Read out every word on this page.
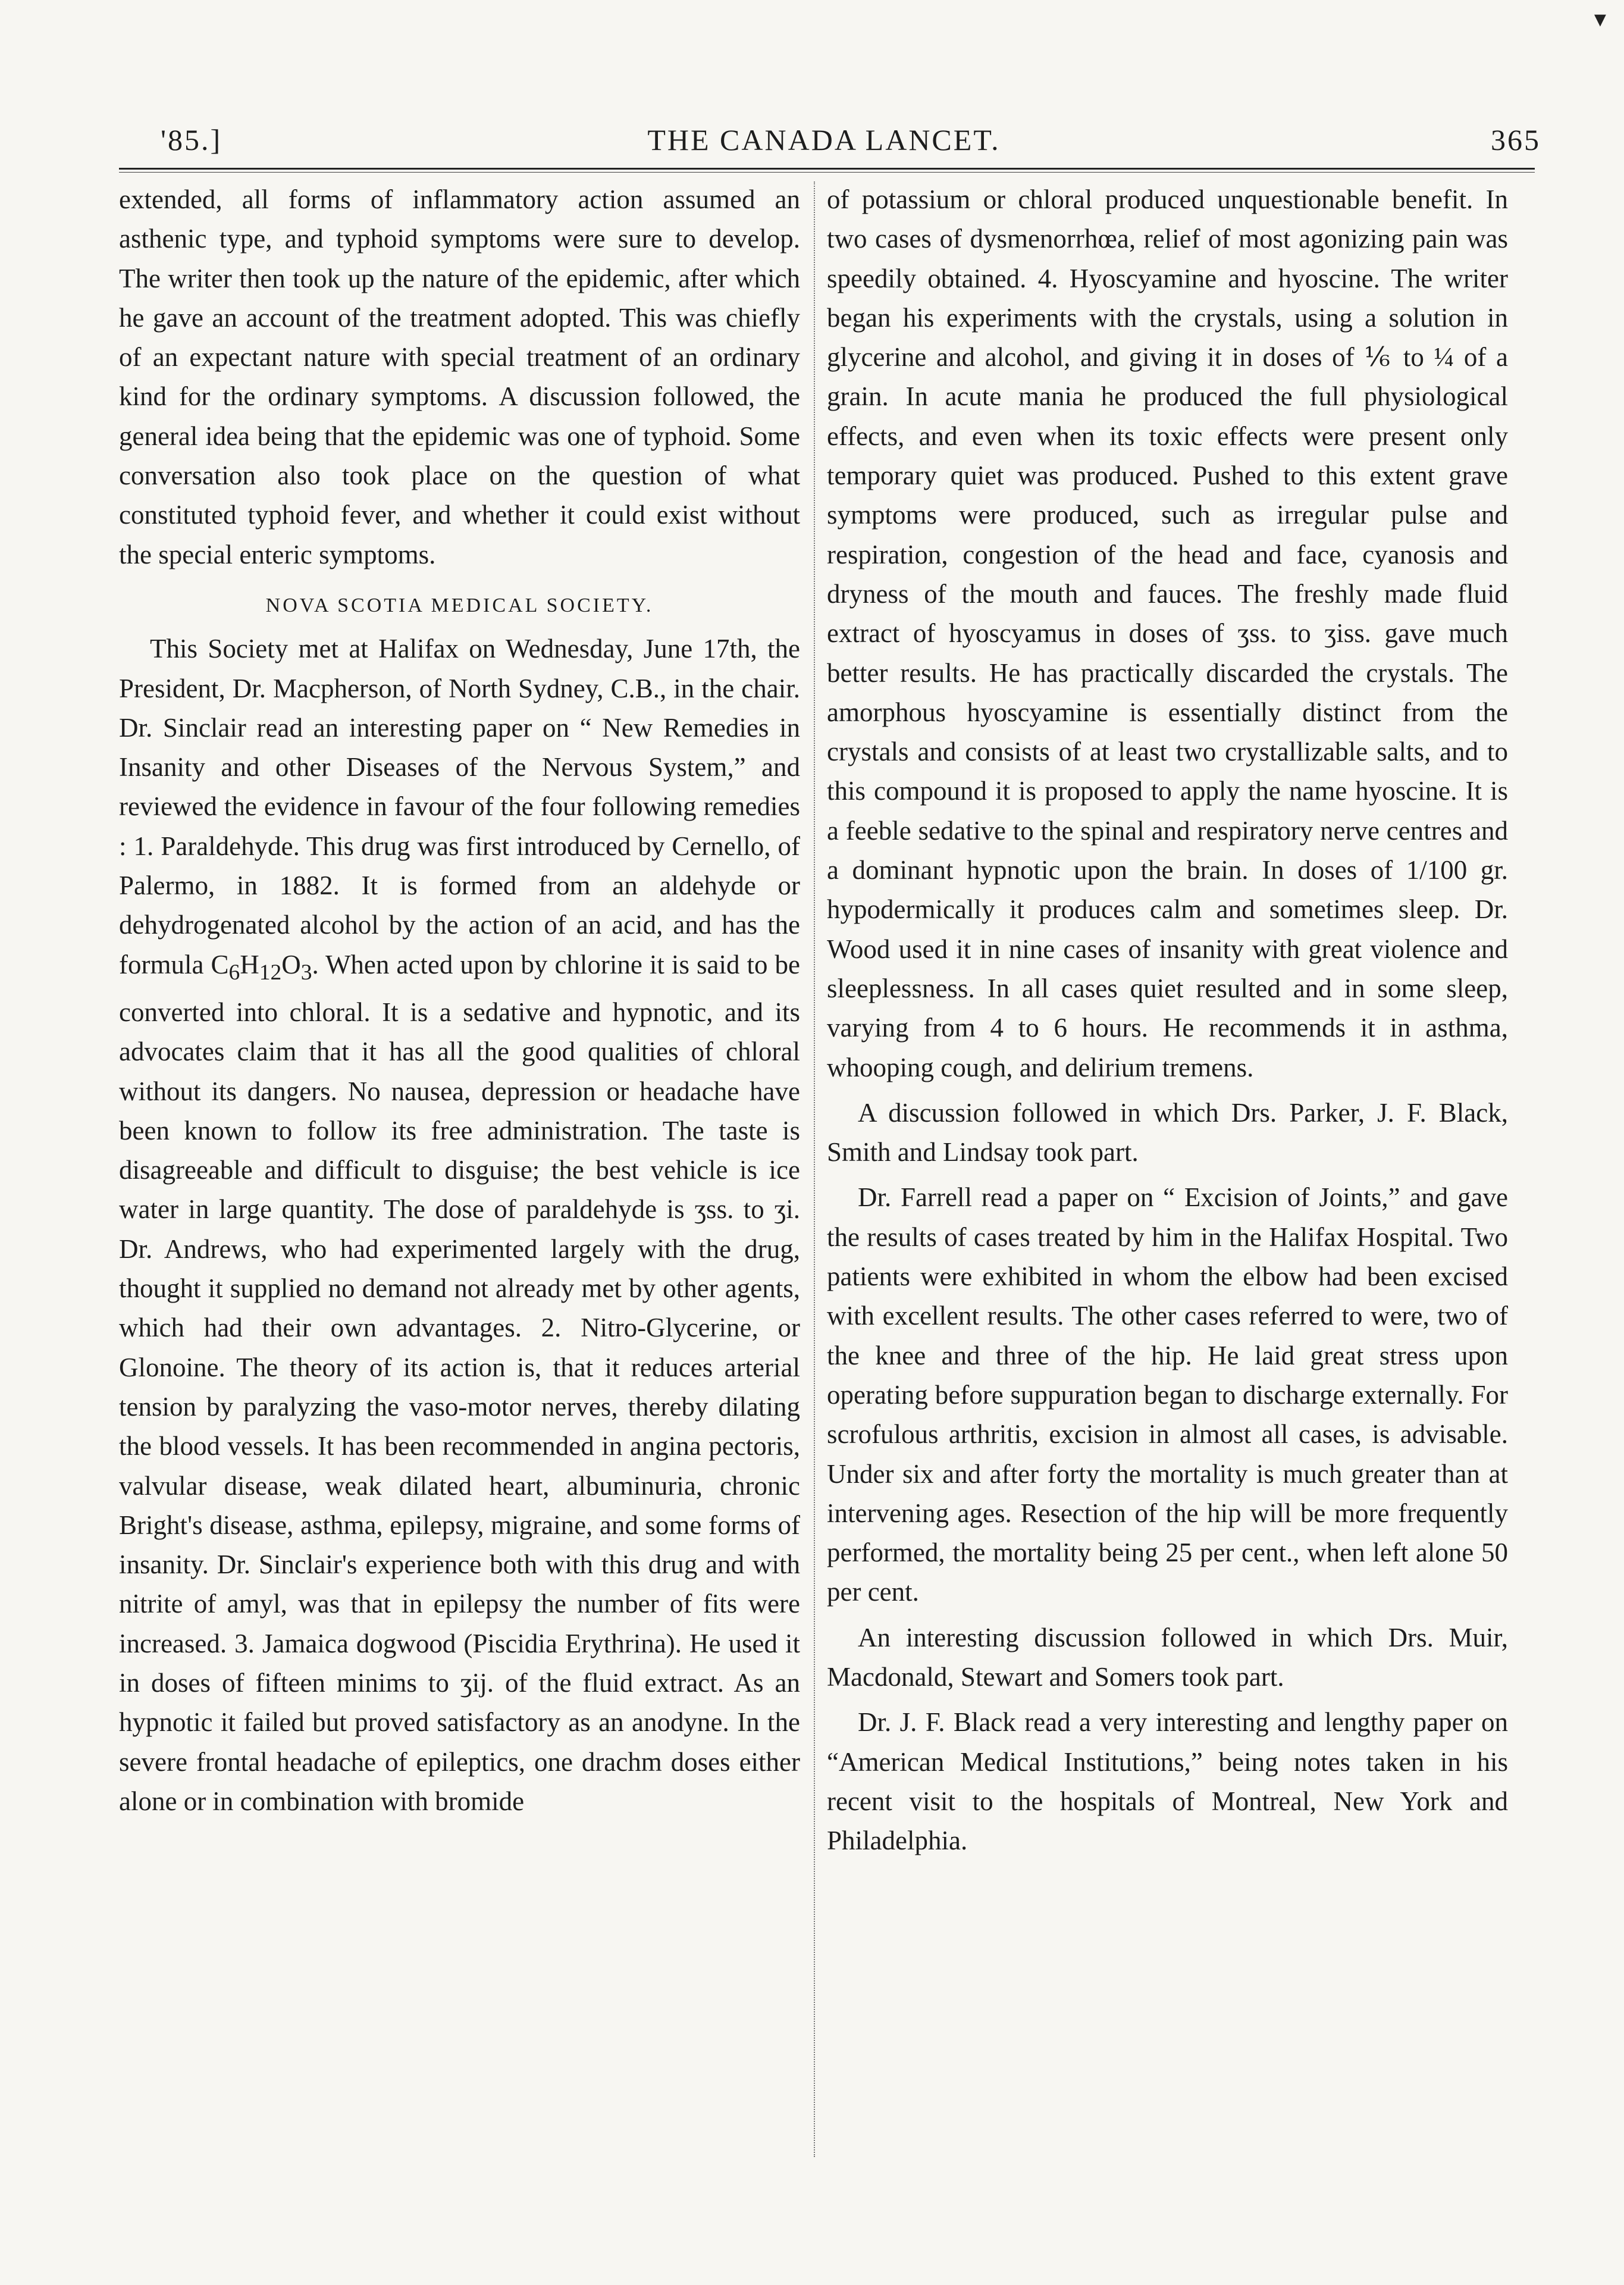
▾
'85.]	THE CANADA LANCET.	365

extended, all forms of inflammatory action assumed an asthenic type, and typhoid symptoms were sure to develop. The writer then took up the nature of the epidemic, after which he gave an account of the treatment adopted. This was chiefly of an expectant nature with special treatment of an ordinary kind for the ordinary symptoms. A discussion followed, the general idea being that the epidemic was one of typhoid. Some conversation also took place on the question of what constituted typhoid fever, and whether it could exist without the special enteric symptoms.

NOVA SCOTIA MEDICAL SOCIETY.

This Society met at Halifax on Wednesday, June 17th, the President, Dr. Macpherson, of North Sydney, C.B., in the chair. Dr. Sinclair read an interesting paper on “ New Remedies in Insanity and other Diseases of the Nervous System,” and reviewed the evidence in favour of the four following remedies : 1. Paraldehyde. This drug was first introduced by Cernello, of Palermo, in 1882. It is formed from an aldehyde or dehydrogenated alcohol by the action of an acid, and has the formula $C_6H_{12}O_3$. When acted upon by chlorine it is said to be converted into chloral. It is a sedative and hypnotic, and its advocates claim that it has all the good qualities of chloral without its dangers. No nausea, depression or headache have been known to follow its free administration. The taste is disagreeable and difficult to disguise; the best vehicle is ice water in large quantity. The dose of paraldehyde is ʒss. to ʒi. Dr. Andrews, who had experimented largely with the drug, thought it supplied no demand not already met by other agents, which had their own advantages. 2. Nitro-Glycerine, or Glonoine. The theory of its action is, that it reduces arterial tension by paralyzing the vaso-motor nerves, thereby dilating the blood vessels. It has been recommended in angina pectoris, valvular disease, weak dilated heart, albuminuria, chronic Bright's disease, asthma, epilepsy, migraine, and some forms of insanity. Dr. Sinclair's experience both with this drug and with nitrite of amyl, was that in epilepsy the number of fits were increased. 3. Jamaica dogwood (Piscidia Erythrina). He used it in doses of fifteen minims to ʒij. of the fluid extract. As an hypnotic it failed but proved satisfactory as an anodyne. In the severe frontal headache of epileptics, one drachm doses either alone or in combination with bromide

of potassium or chloral produced unquestionable benefit. In two cases of dysmenorrhœa, relief of most agonizing pain was speedily obtained. 4. Hyoscyamine and hyoscine. The writer began his experiments with the crystals, using a solution in glycerine and alcohol, and giving it in doses of ⅙ to ¼ of a grain. In acute mania he produced the full physiological effects, and even when its toxic effects were present only temporary quiet was produced. Pushed to this extent grave symptoms were produced, such as irregular pulse and respiration, congestion of the head and face, cyanosis and dryness of the mouth and fauces. The freshly made fluid extract of hyoscyamus in doses of ʒss. to ʒiss. gave much better results. He has practically discarded the crystals. The amorphous hyoscyamine is essentially distinct from the crystals and consists of at least two crystallizable salts, and to this compound it is proposed to apply the name hyoscine. It is a feeble sedative to the spinal and respiratory nerve centres and a dominant hypnotic upon the brain. In doses of 1/100 gr. hypodermically it produces calm and sometimes sleep. Dr. Wood used it in nine cases of insanity with great violence and sleeplessness. In all cases quiet resulted and in some sleep, varying from 4 to 6 hours. He recommends it in asthma, whooping cough, and delirium tremens.

A discussion followed in which Drs. Parker, J. F. Black, Smith and Lindsay took part.

Dr. Farrell read a paper on “ Excision of Joints,” and gave the results of cases treated by him in the Halifax Hospital. Two patients were exhibited in whom the elbow had been excised with excellent results. The other cases referred to were, two of the knee and three of the hip. He laid great stress upon operating before suppuration began to discharge externally. For scrofulous arthritis, excision in almost all cases, is advisable. Under six and after forty the mortality is much greater than at intervening ages. Resection of the hip will be more frequently performed, the mortality being 25 per cent., when left alone 50 per cent.

An interesting discussion followed in which Drs. Muir, Macdonald, Stewart and Somers took part.

Dr. J. F. Black read a very interesting and lengthy paper on “American Medical Institutions,” being notes taken in his recent visit to the hospitals of Montreal, New York and Philadelphia.
